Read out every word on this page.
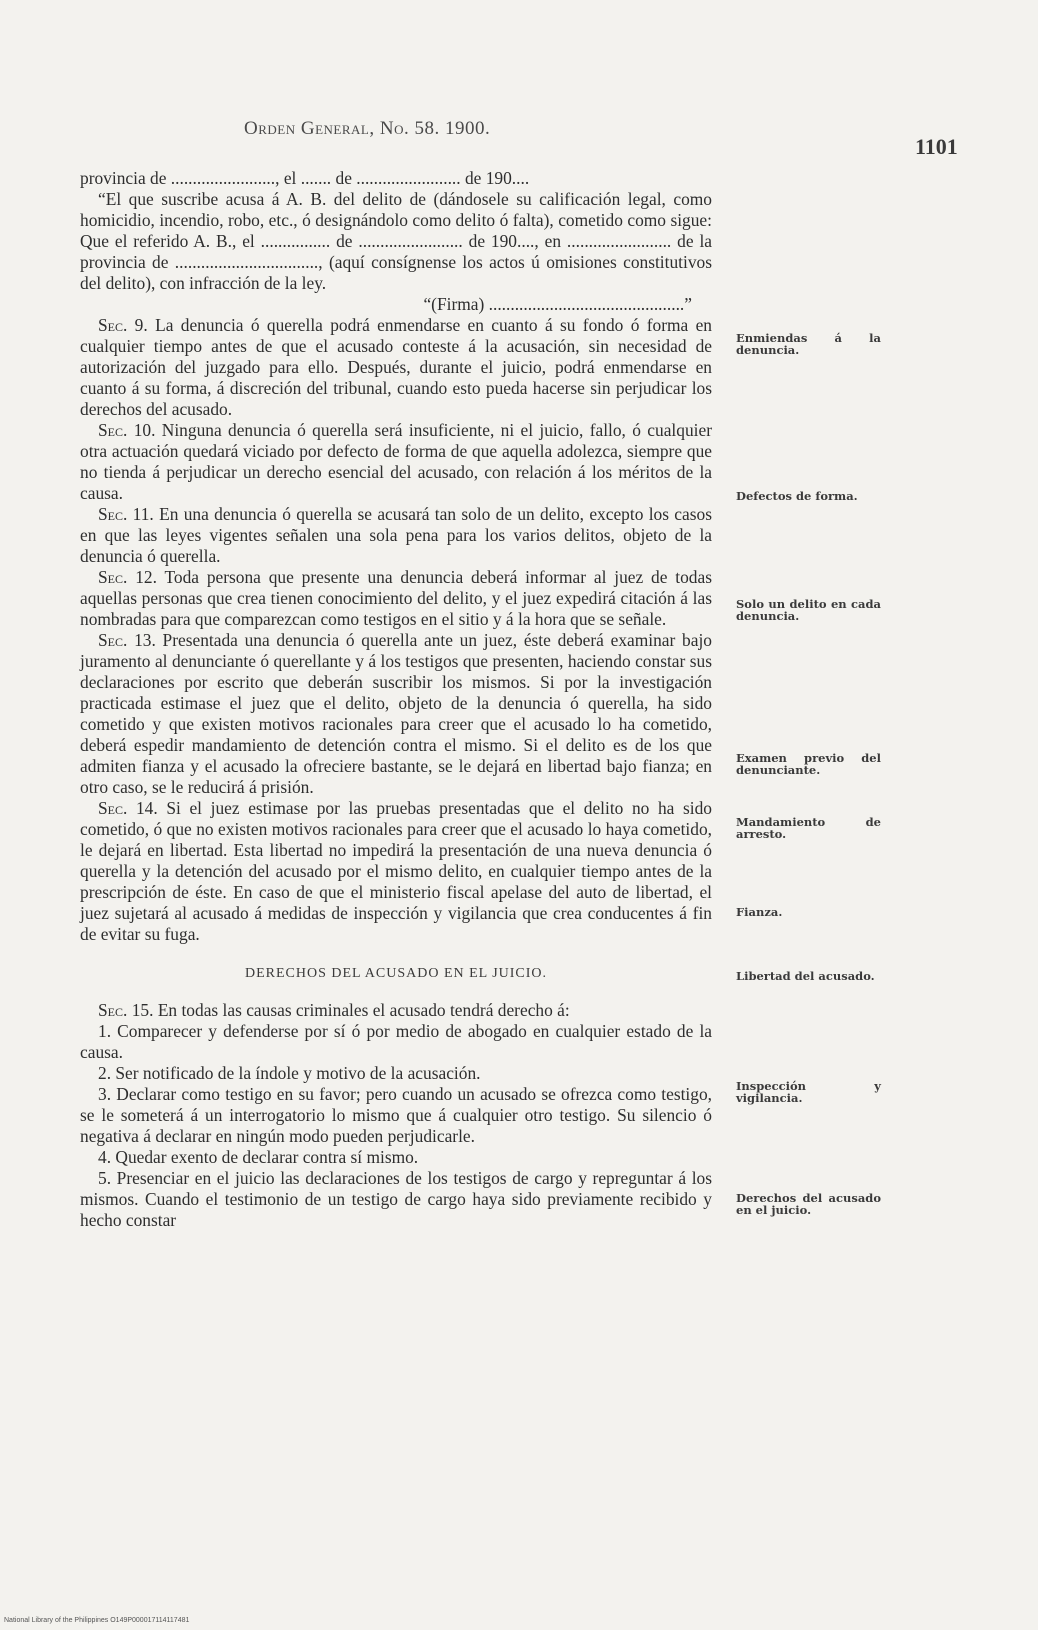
Orden General, No. 58. 1900.
1101

provincia de ........................, el ....... de ........................ de 190....

“El que suscribe acusa á A. B. del delito de (dándosele su calificación legal, como homicidio, incendio, robo, etc., ó designándolo como delito ó falta), cometido como sigue: Que el referido A. B., el ................ de ........................ de 190...., en ........................ de la provincia de ................................., (aquí consígnense los actos ú omisiones constitutivos del delito), con infracción de la ley.

“(Firma) .............................................”

Sec. 9. La denuncia ó querella podrá enmendarse en cuanto á su fondo ó forma en cualquier tiempo antes de que el acusado conteste á la acusación, sin necesidad de autorización del juzgado para ello. Después, durante el juicio, podrá enmendarse en cuanto á su forma, á discreción del tribunal, cuando esto pueda hacerse sin perjudicar los derechos del acusado.

Sec. 10. Ninguna denuncia ó querella será insuficiente, ni el juicio, fallo, ó cualquier otra actuación quedará viciado por defecto de forma de que aquella adolezca, siempre que no tienda á perjudicar un derecho esencial del acusado, con relación á los méritos de la causa.

Sec. 11. En una denuncia ó querella se acusará tan solo de un delito, excepto los casos en que las leyes vigentes señalen una sola pena para los varios delitos, objeto de la denuncia ó querella.

Sec. 12. Toda persona que presente una denuncia deberá informar al juez de todas aquellas personas que crea tienen conocimiento del delito, y el juez expedirá citación á las nombradas para que comparezcan como testigos en el sitio y á la hora que se señale.

Sec. 13. Presentada una denuncia ó querella ante un juez, éste deberá examinar bajo juramento al denunciante ó querellante y á los testigos que presenten, haciendo constar sus declaraciones por escrito que deberán suscribir los mismos. Si por la investigación practicada estimase el juez que el delito, objeto de la denuncia ó querella, ha sido cometido y que existen motivos racionales para creer que el acusado lo ha cometido, deberá espedir mandamiento de detención contra el mismo. Si el delito es de los que admiten fianza y el acusado la ofreciere bastante, se le dejará en libertad bajo fianza; en otro caso, se le reducirá á prisión.

Sec. 14. Si el juez estimase por las pruebas presentadas que el delito no ha sido cometido, ó que no existen motivos racionales para creer que el acusado lo haya cometido, le dejará en libertad. Esta libertad no impedirá la presentación de una nueva denuncia ó querella y la detención del acusado por el mismo delito, en cualquier tiempo antes de la prescripción de éste. En caso de que el ministerio fiscal apelase del auto de libertad, el juez sujetará al acusado á medidas de inspección y vigilancia que crea conducentes á fin de evitar su fuga.

DERECHOS DEL ACUSADO EN EL JUICIO.

Sec. 15. En todas las causas criminales el acusado tendrá derecho á:

1. Comparecer y defenderse por sí ó por medio de abogado en cualquier estado de la causa.

2. Ser notificado de la índole y motivo de la acusación.

3. Declarar como testigo en su favor; pero cuando un acusado se ofrezca como testigo, se le someterá á un interrogatorio lo mismo que á cualquier otro testigo. Su silencio ó negativa á declarar en ningún modo pueden perjudicarle.

4. Quedar exento de declarar contra sí mismo.

5. Presenciar en el juicio las declaraciones de los testigos de cargo y repreguntar á los mismos. Cuando el testimonio de un testigo de cargo haya sido previamente recibido y hecho constar

Enmiendas á la denuncia.
Defectos de forma.
Solo un delito en cada denuncia.
Examen previo del denunciante.
Mandamiento de arresto.
Fianza.
Libertad del acusado.
Inspección y vigilancia.
Derechos del acusado en el juicio.
National Library of the Philippines O149P000017114117481
